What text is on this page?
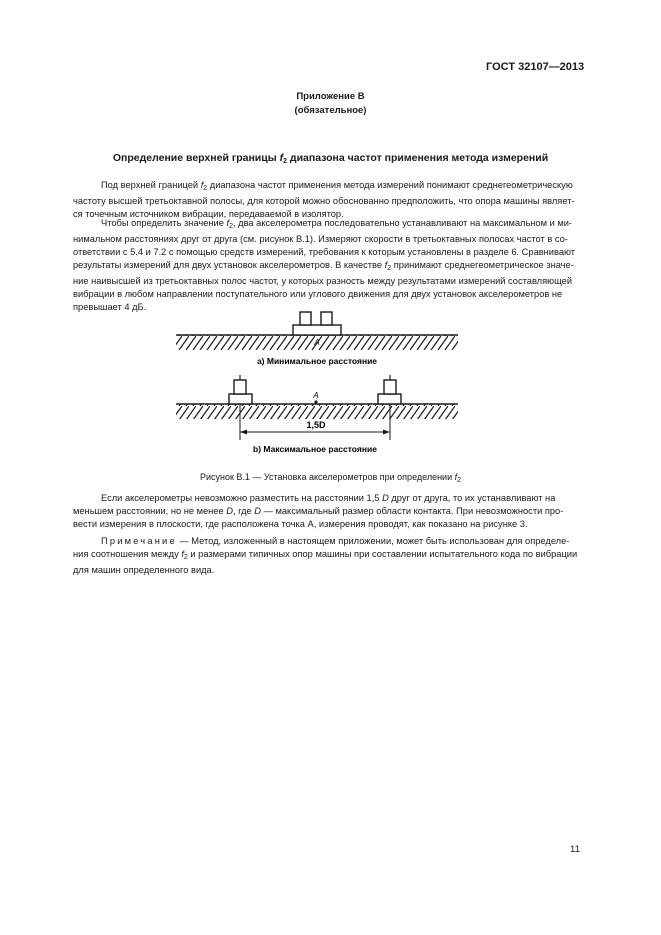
ГОСТ 32107—2013
Приложение В
(обязательное)
Определение верхней границы $f_2$ диапазона частот применения метода измерений
Под верхней границей $f_2$ диапазона частот применения метода измерений понимают среднегеометрическую
частоту высшей третьоктавной полосы, для которой можно обоснованно предположить, что опора машины являет-
ся точечным источником вибрации, передаваемой в изолятор.
Чтобы определить значение $f_2$, два акселерометра последовательно устанавливают на максимальном и ми-
нимальном расстояниях друг от друга (см. рисунок В.1). Измеряют скорости в третьоктавных полосах частот в со-
ответствии с 5.4 и 7.2 с помощью средств измерений, требования к которым установлены в разделе 6. Сравнивают
результаты измерений для двух установок акселерометров. В качестве $f_2$ принимают среднегеометрическое значе-
ние наивысшей из третьоктавных полос частот, у которых разность между результатами измерений составляющей
вибрации в любом направлении поступательного или углового движения для двух установок акселерометров не
превышает 4 дБ.
A
a) Минимальное расстояние
A
1,5D
b) Максимальное расстояние
Рисунок В.1 — Установка акселерометров при определении $f_2$
Если акселерометры невозможно разместить на расстоянии 1,5 D друг от друга, то их устанавливают на
меньшем расстоянии, но не менее D, где D — максимальный размер области контакта. При невозможности про-
вести измерения в плоскости, где расположена точка А, измерения проводят, как показано на рисунке 3.
Примечание — Метод, изложенный в настоящем приложении, может быть использован для определе-
ния соотношения между $f_2$ и размерами типичных опор машины при составлении испытательного кода по вибрации
для машин определенного вида.
11
